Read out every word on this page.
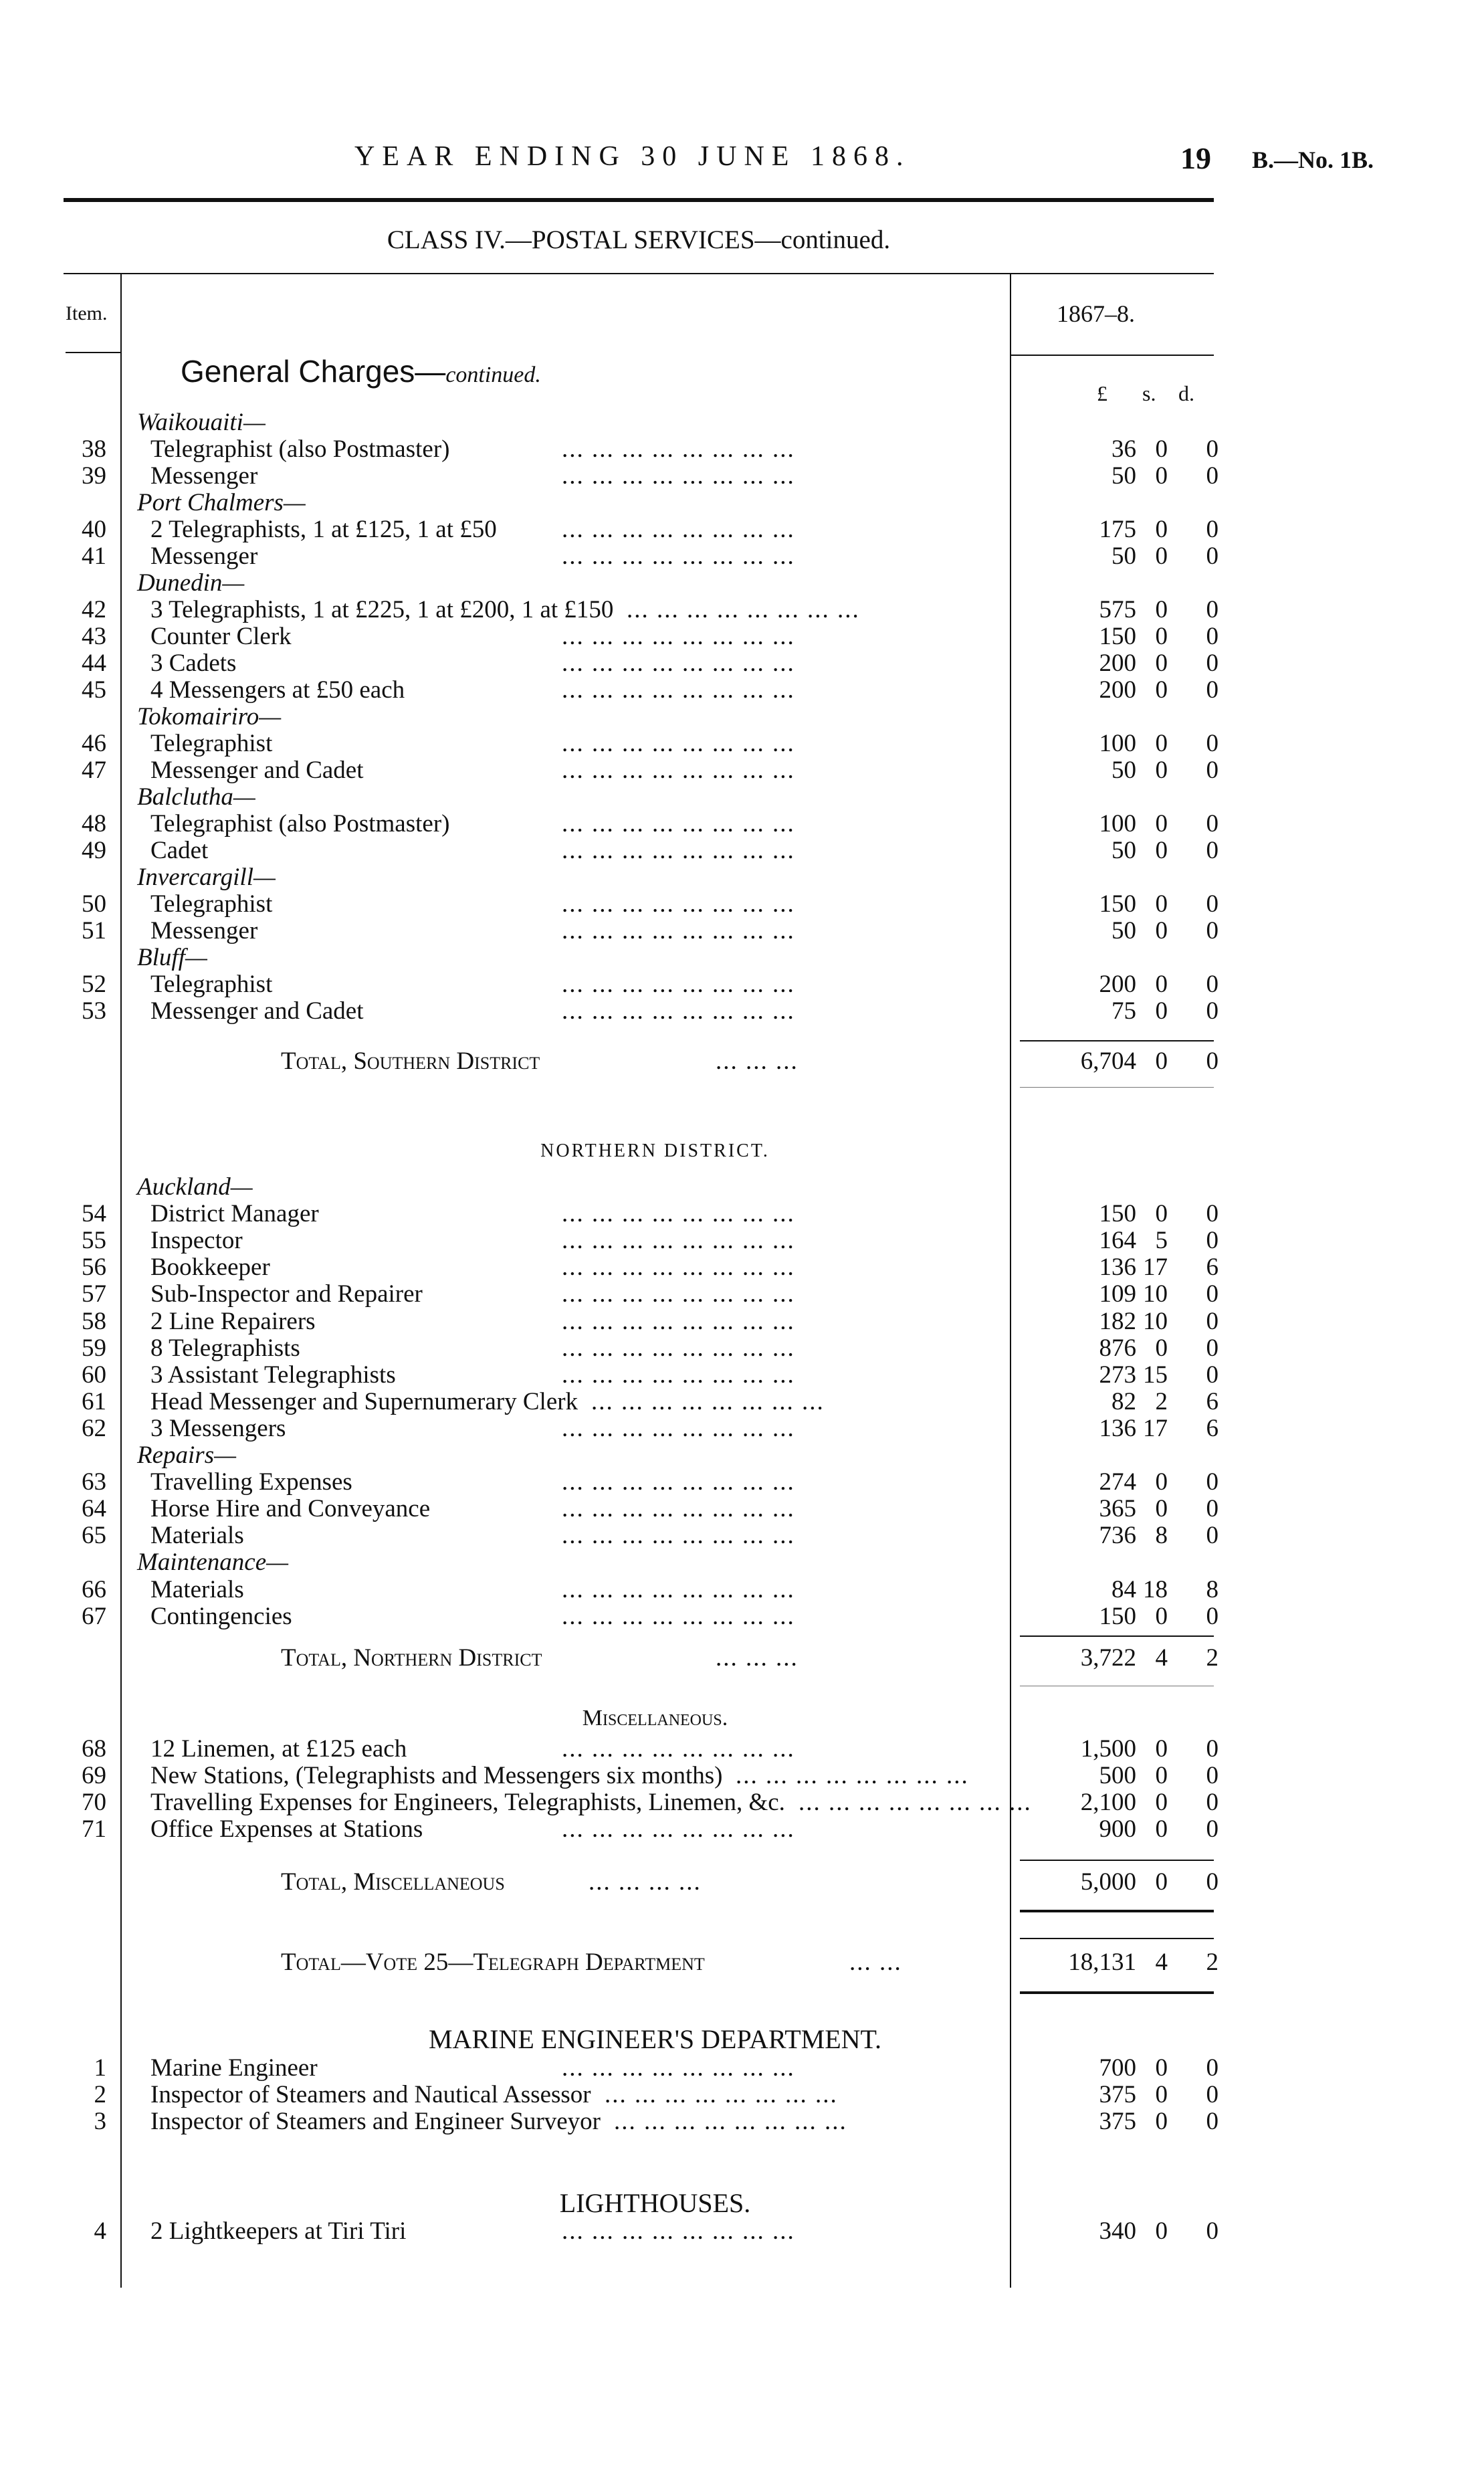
YEAR ENDING 30 JUNE 1868.	19 B.—No. 1B.
CLASS IV.—POSTAL SERVICES—continued.
Item.	1867–8.
General Charges—continued.
£ s. d.
Waikouaiti—
38 Telegraphist (also Postmaster)	... ... ... ... ... ... ... ...	36 0	0
39 Messenger	... ... ... ... ... ... ... ...	50 0	0
Port Chalmers—
40 2 Telegraphists, 1 at £125, 1 at £50	... ... ... ... ... ... ... ...	175 0	0
41 Messenger	... ... ... ... ... ... ... ...	50 0	0
Dunedin—
42 3 Telegraphists, 1 at £225, 1 at £200, 1 at £150 ... ... ... ... ... ... ... ...	575 0	0
43 Counter Clerk	... ... ... ... ... ... ... ...	150 0	0
44 3 Cadets	... ... ... ... ... ... ... ...	200 0	0
45 4 Messengers at £50 each	... ... ... ... ... ... ... ...	200 0	0
Tokomairiro—
46 Telegraphist	... ... ... ... ... ... ... ...	100 0	0
47 Messenger and Cadet	... ... ... ... ... ... ... ...	50 0	0
Balclutha—
48 Telegraphist (also Postmaster)	... ... ... ... ... ... ... ...	100 0	0
49 Cadet	... ... ... ... ... ... ... ...	50 0	0
Invercargill—
50 Telegraphist	... ... ... ... ... ... ... ...	150 0	0
51 Messenger	... ... ... ... ... ... ... ...	50 0	0
Bluff—
52 Telegraphist	... ... ... ... ... ... ... ...	200 0	0
53 Messenger and Cadet	... ... ... ... ... ... ... ...	75 0	0
Total, Southern District	... ... ...	6,704 0	0
NORTHERN DISTRICT.
Auckland—
54 District Manager	... ... ... ... ... ... ... ...	150 0	0
55 Inspector	... ... ... ... ... ... ... ...	164 5	0
56 Bookkeeper	... ... ... ... ... ... ... ...	136 17	6
57 Sub-Inspector and Repairer	... ... ... ... ... ... ... ...	109 10	0
58 2 Line Repairers	... ... ... ... ... ... ... ...	182 10	0
59 8 Telegraphists	... ... ... ... ... ... ... ...	876 0	0
60 3 Assistant Telegraphists	... ... ... ... ... ... ... ...	273 15	0
61 Head Messenger and Supernumerary Clerk ... ... ... ... ... ... ... ...	82 2	6
62 3 Messengers	... ... ... ... ... ... ... ...	136 17	6
Repairs—
63 Travelling Expenses	... ... ... ... ... ... ... ...	274 0	0
64 Horse Hire and Conveyance	... ... ... ... ... ... ... ...	365 0	0
65 Materials	... ... ... ... ... ... ... ...	736 8	0
Maintenance—
66 Materials	... ... ... ... ... ... ... ...	84 18	8
67 Contingencies	... ... ... ... ... ... ... ...	150 0	0
Total, Northern District	... ... ...	3,722 4	2
Miscellaneous.
68 12 Linemen, at £125 each	... ... ... ... ... ... ... ...	1,500 0	0
69 New Stations, (Telegraphists and Messengers six months) ... ... ... ... ... ... ... ...	500 0	0
70 Travelling Expenses for Engineers, Telegraphists, Linemen, &c. ... ... ... ... ... ... ... ... 2,100 0	0
71 Office Expenses at Stations	... ... ... ... ... ... ... ...	900 0	0
Total, Miscellaneous	... ... ... ...	5,000 0	0
Total—Vote 25—Telegraph Department	... ...	18,131 4	2
MARINE ENGINEER'S DEPARTMENT.
1 Marine Engineer	... ... ... ... ... ... ... ...	700 0	0
2 Inspector of Steamers and Nautical Assessor ... ... ... ... ... ... ... ...	375 0	0
3 Inspector of Steamers and Engineer Surveyor ... ... ... ... ... ... ... ...	375 0	0
LIGHTHOUSES.
4 2 Lightkeepers at Tiri Tiri	... ... ... ... ... ... ... ...	340 0	0
